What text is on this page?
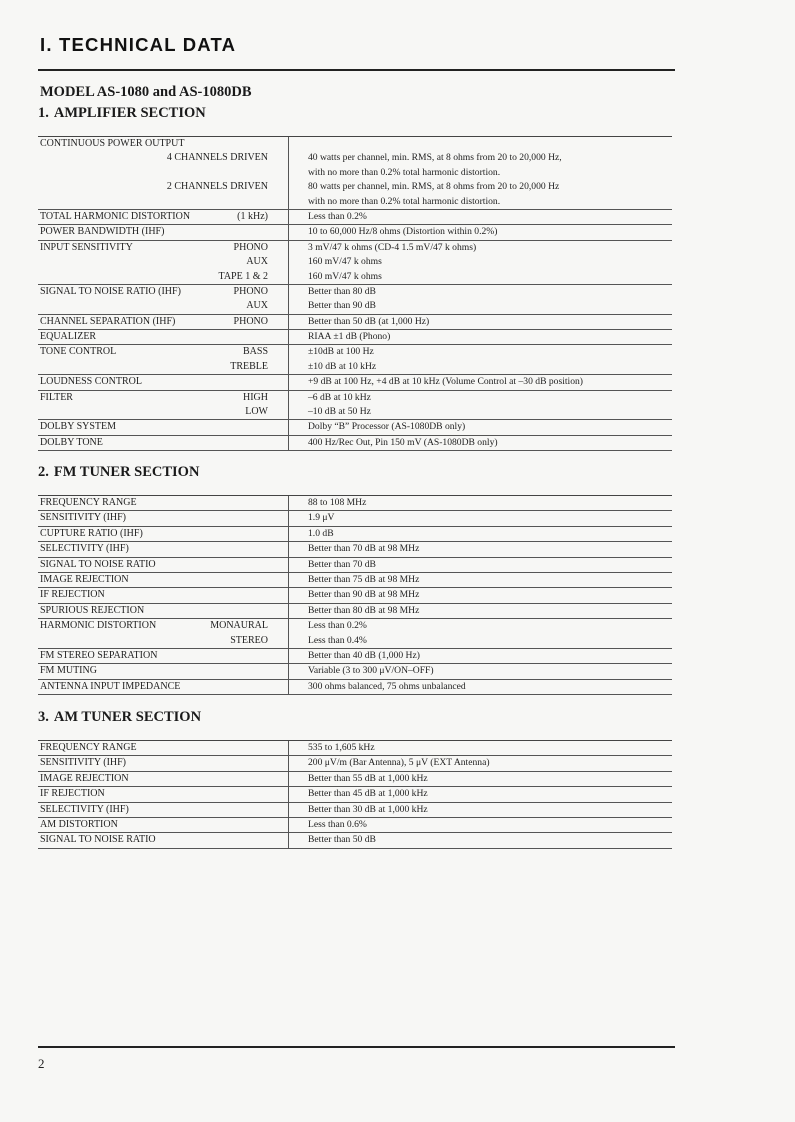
I. TECHNICAL DATA
MODEL AS-1080 and AS-1080DB
1. AMPLIFIER SECTION
CONTINUOUS POWER OUTPUT
4 CHANNELS DRIVEN	40 watts per channel, min. RMS, at 8 ohms from 20 to 20,000 Hz,
with no more than 0.2% total harmonic distortion.
2 CHANNELS DRIVEN	80 watts per channel, min. RMS, at 8 ohms from 20 to 20,000 Hz
with no more than 0.2% total harmonic distortion.
TOTAL HARMONIC DISTORTION	(1 kHz)	Less than 0.2%
POWER BANDWIDTH (IHF)	10 to 60,000 Hz/8 ohms (Distortion within 0.2%)
INPUT SENSITIVITY	PHONO	3 mV/47 k ohms (CD-4 1.5 mV/47 k ohms)
AUX	160 mV/47 k ohms
TAPE 1 & 2	160 mV/47 k ohms
SIGNAL TO NOISE RATIO (IHF)	PHONO	Better than 80 dB
AUX	Better than 90 dB
CHANNEL SEPARATION (IHF)	PHONO	Better than 50 dB (at 1,000 Hz)
EQUALIZER	RIAA ±1 dB (Phono)
TONE CONTROL	BASS	±10dB at 100 Hz
TREBLE	±10 dB at 10 kHz
LOUDNESS CONTROL	+9 dB at 100 Hz, +4 dB at 10 kHz (Volume Control at –30 dB position)
FILTER	HIGH	–6 dB at 10 kHz
LOW	–10 dB at 50 Hz
DOLBY SYSTEM	Dolby “B” Processor (AS-1080DB only)
DOLBY TONE	400 Hz/Rec Out, Pin 150 mV (AS-1080DB only)
2. FM TUNER SECTION
FREQUENCY RANGE	88 to 108 MHz
SENSITIVITY (IHF)	1.9 μV
CUPTURE RATIO (IHF)	1.0 dB
SELECTIVITY (IHF)	Better than 70 dB at 98 MHz
SIGNAL TO NOISE RATIO	Better than 70 dB
IMAGE REJECTION	Better than 75 dB at 98 MHz
IF REJECTION	Better than 90 dB at 98 MHz
SPURIOUS REJECTION	Better than 80 dB at 98 MHz
HARMONIC DISTORTION	MONAURAL	Less than 0.2%
STEREO	Less than 0.4%
FM STEREO SEPARATION	Better than 40 dB (1,000 Hz)
FM MUTING	Variable (3 to 300 μV/ON–OFF)
ANTENNA INPUT IMPEDANCE	300 ohms balanced, 75 ohms unbalanced
3. AM TUNER SECTION
FREQUENCY RANGE	535 to 1,605 kHz
SENSITIVITY (IHF)	200 μV/m (Bar Antenna), 5 μV (EXT Antenna)
IMAGE REJECTION	Better than 55 dB at 1,000 kHz
IF REJECTION	Better than 45 dB at 1,000 kHz
SELECTIVITY (IHF)	Better than 30 dB at 1,000 kHz
AM DISTORTION	Less than 0.6%
SIGNAL TO NOISE RATIO	Better than 50 dB
2
